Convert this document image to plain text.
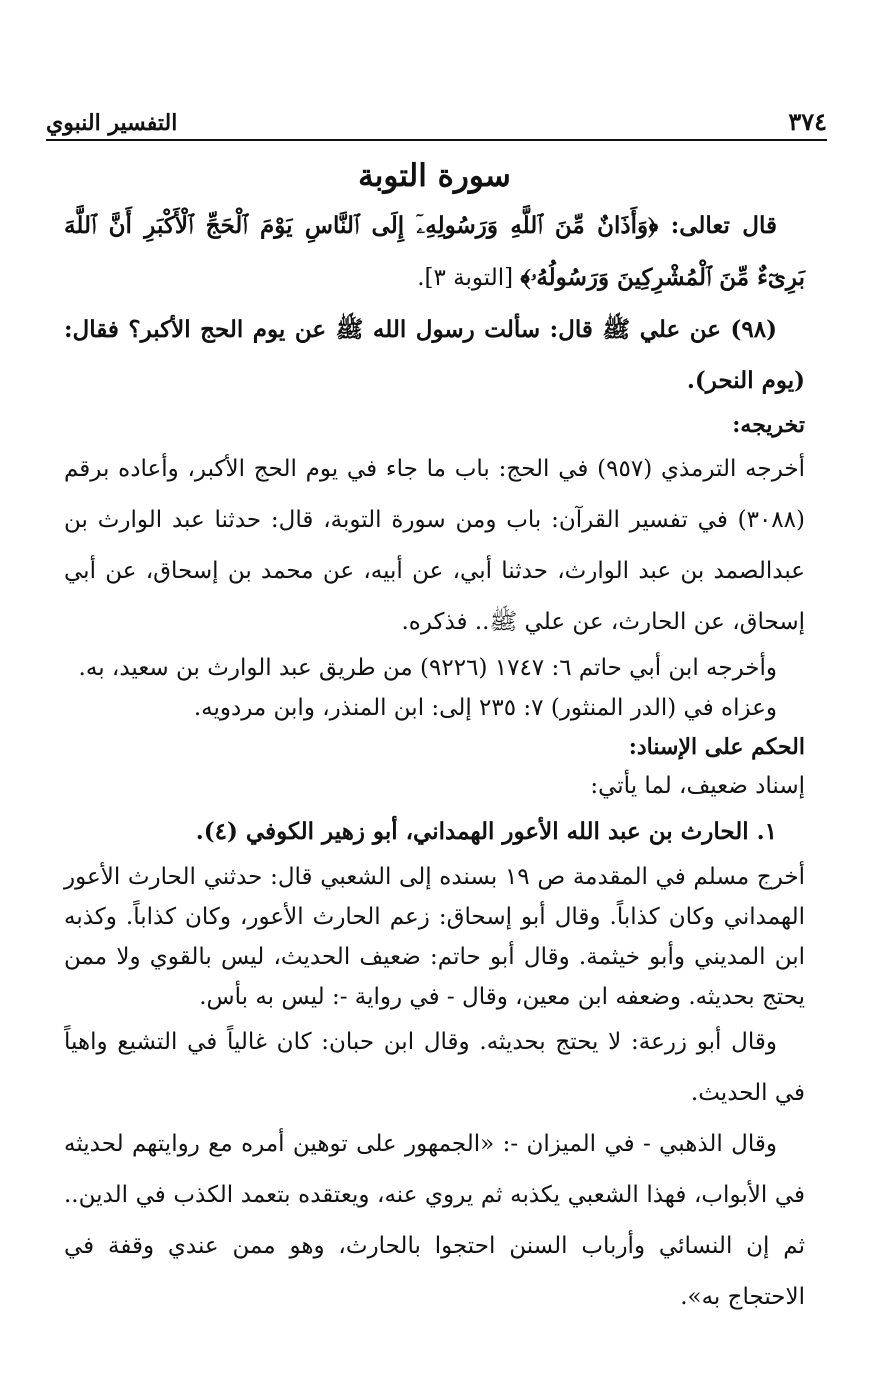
٣٧٤
التفسير النبوي
سورة التوبة

قال تعالى: ﴿وَأَذَانٌ مِّنَ ٱللَّهِ وَرَسُولِهِۦٓ إِلَى ٱلنَّاسِ يَوْمَ ٱلْحَجِّ ٱلْأَكْبَرِ أَنَّ ٱللَّهَ بَرِىٓءٌ مِّنَ ٱلْمُشْرِكِينَ وَرَسُولُهُۥ﴾ [التوبة ٣].

(٩٨) عن علي ﷺ قال: سألت رسول الله ﷺ عن يوم الحج الأكبر؟ فقال: (يوم النحر).

تخريجه:

أخرجه الترمذي (٩٥٧) في الحج: باب ما جاء في يوم الحج الأكبر، وأعاده برقم (٣٠٨٨) في تفسير القرآن: باب ومن سورة التوبة، قال: حدثنا عبد الوارث بن عبدالصمد بن عبد الوارث، حدثنا أبي، عن أبيه، عن محمد بن إسحاق، عن أبي إسحاق، عن الحارث، عن علي ﷺ.. فذكره.

وأخرجه ابن أبي حاتم ٦: ١٧٤٧ (٩٢٢٦) من طريق عبد الوارث بن سعيد، به.

وعزاه في (الدر المنثور) ٧: ٢٣٥ إلى: ابن المنذر، وابن مردويه.

الحكم على الإسناد:

إسناد ضعيف، لما يأتي:

١. الحارث بن عبد الله الأعور الهمداني، أبو زهير الكوفي (٤).

أخرج مسلم في المقدمة ص ١٩ بسنده إلى الشعبي قال: حدثني الحارث الأعور الهمداني وكان كذاباً. وقال أبو إسحاق: زعم الحارث الأعور، وكان كذاباً. وكذبه ابن المديني وأبو خيثمة. وقال أبو حاتم: ضعيف الحديث، ليس بالقوي ولا ممن يحتج بحديثه. وضعفه ابن معين، وقال - في رواية -: ليس به بأس.

وقال أبو زرعة: لا يحتج بحديثه. وقال ابن حبان: كان غالياً في التشيع واهياً في الحديث.

وقال الذهبي - في الميزان -: «الجمهور على توهين أمره مع روايتهم لحديثه في الأبواب، فهذا الشعبي يكذبه ثم يروي عنه، ويعتقده بتعمد الكذب في الدين.. ثم إن النسائي وأرباب السنن احتجوا بالحارث، وهو ممن عندي وقفة في الاحتجاج به».
